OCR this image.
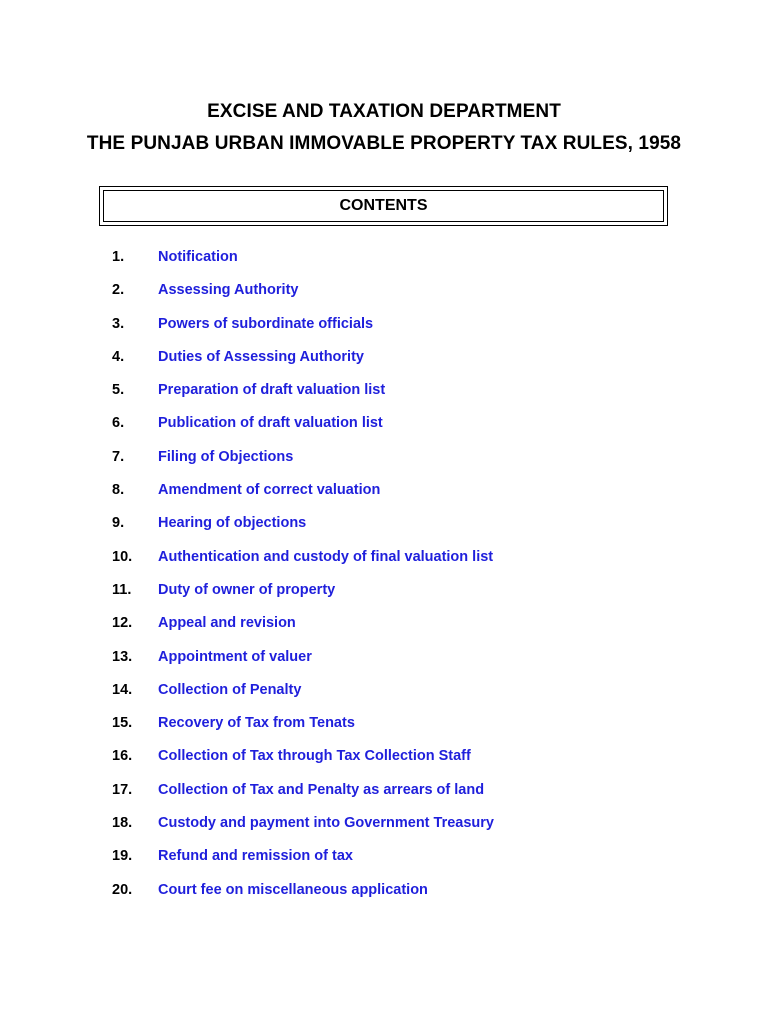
EXCISE AND TAXATION DEPARTMENT

THE PUNJAB URBAN IMMOVABLE PROPERTY TAX RULES, 1958

CONTENTS
1. Notification
2. Assessing Authority
3. Powers of subordinate officials
4. Duties of Assessing Authority
5. Preparation of draft valuation list
6. Publication of draft valuation list
7. Filing of Objections
8. Amendment of correct valuation
9. Hearing of objections
10. Authentication and custody of final valuation list
11. Duty of owner of property
12. Appeal and revision
13. Appointment of valuer
14. Collection of Penalty
15. Recovery of Tax from Tenats
16. Collection of Tax through Tax Collection Staff
17. Collection of Tax and Penalty as arrears of land
18. Custody and payment into Government Treasury
19. Refund and remission of tax
20. Court fee on miscellaneous application
